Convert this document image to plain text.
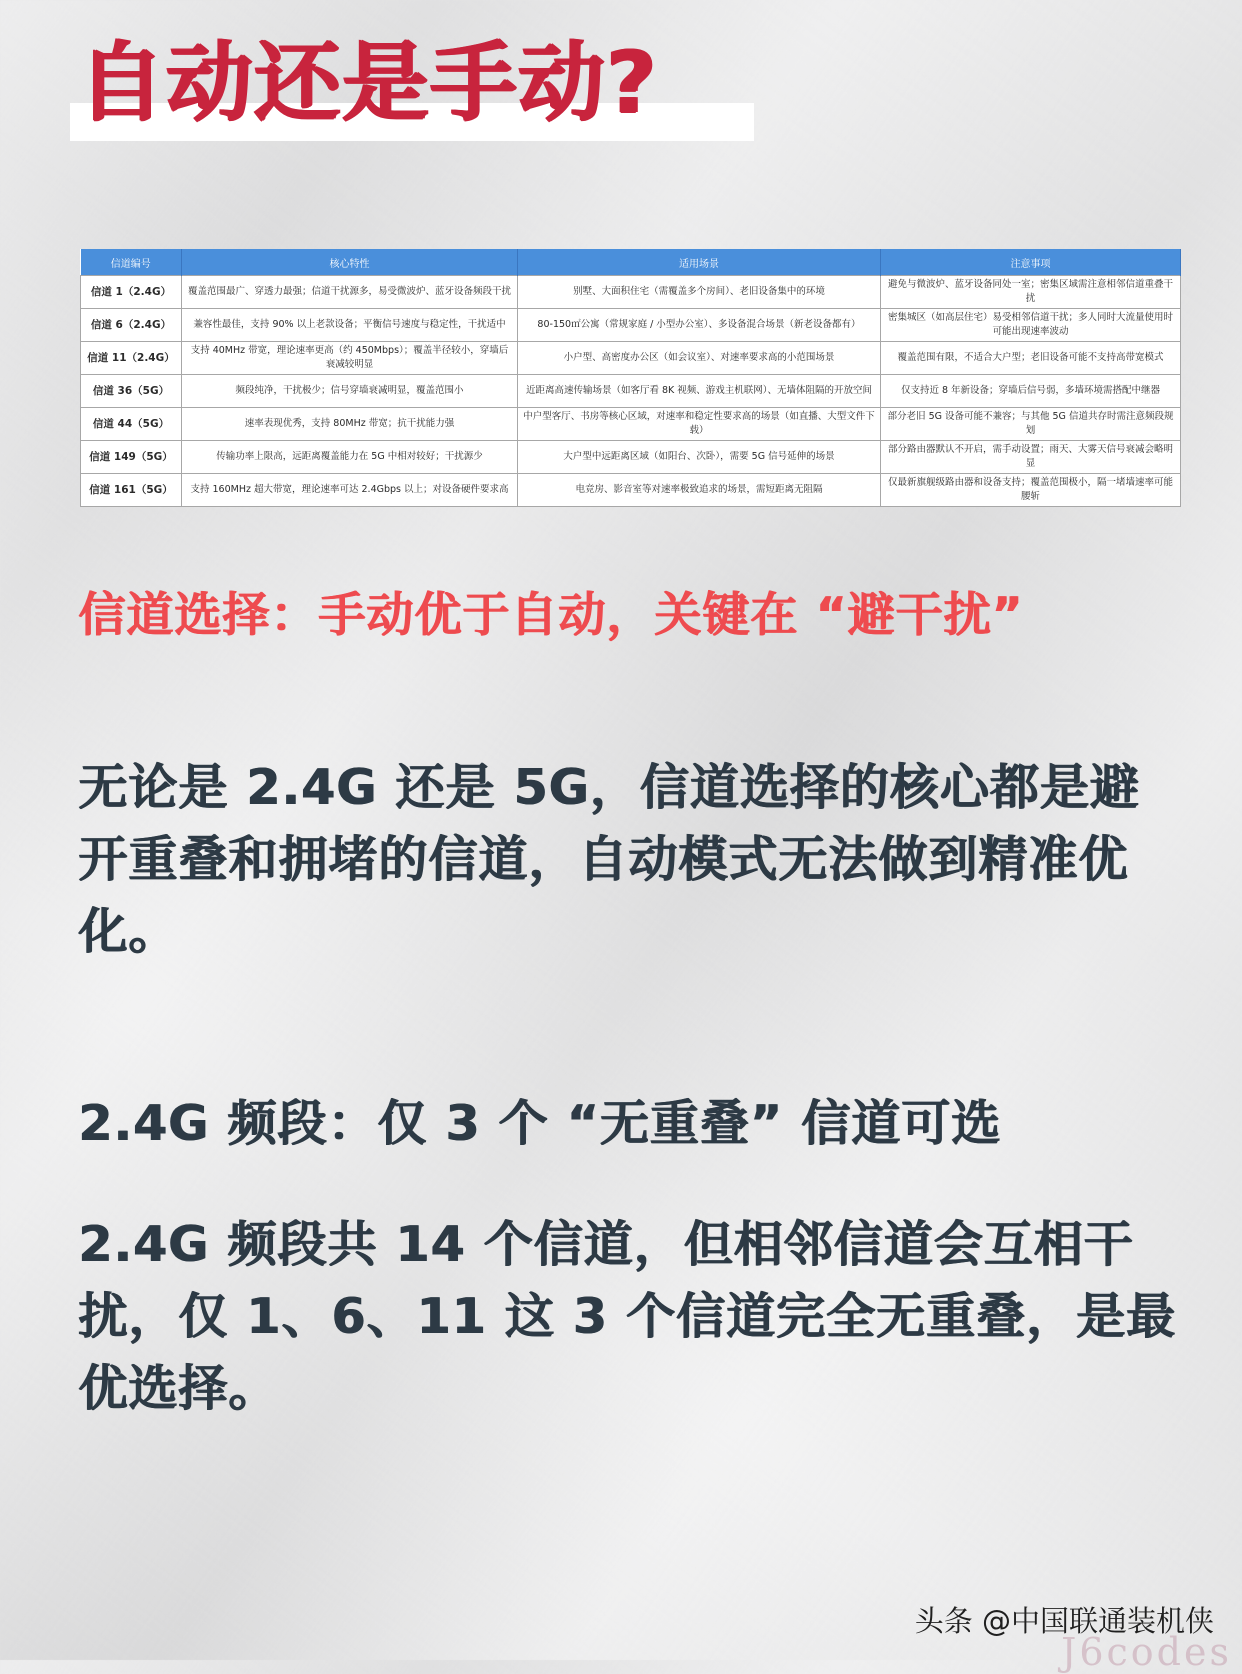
自动还是手动?
信道编号	核心特性	适用场景	注意事项
信道 1（2.4G）	覆盖范围最广、穿透力最强；信道干扰源多，易受微波炉、蓝牙设备频段干扰	别墅、大面积住宅（需覆盖多个房间）、老旧设备集中的环境	避免与微波炉、蓝牙设备同处一室；密集区域需注意相邻信道重叠干扰
信道 6（2.4G）	兼容性最佳，支持 90% 以上老款设备；平衡信号速度与稳定性，干扰适中	80-150㎡公寓（常规家庭 / 小型办公室）、多设备混合场景（新老设备都有）	密集城区（如高层住宅）易受相邻信道干扰；多人同时大流量使用时可能出现速率波动
信道 11（2.4G）	支持 40MHz 带宽，理论速率更高（约 450Mbps）；覆盖半径较小，穿墙后衰减较明显	小户型、高密度办公区（如会议室）、对速率要求高的小范围场景	覆盖范围有限，不适合大户型；老旧设备可能不支持高带宽模式
信道 36（5G）	频段纯净，干扰极少；信号穿墙衰减明显，覆盖范围小	近距离高速传输场景（如客厅看 8K 视频、游戏主机联网）、无墙体阻隔的开放空间	仅支持近 8 年新设备；穿墙后信号弱，多墙环境需搭配中继器
信道 44（5G）	速率表现优秀，支持 80MHz 带宽；抗干扰能力强	中户型客厅、书房等核心区域，对速率和稳定性要求高的场景（如直播、大型文件下载）	部分老旧 5G 设备可能不兼容；与其他 5G 信道共存时需注意频段规划
信道 149（5G）	传输功率上限高，远距离覆盖能力在 5G 中相对较好；干扰源少	大户型中远距离区域（如阳台、次卧），需要 5G 信号延伸的场景	部分路由器默认不开启，需手动设置；雨天、大雾天信号衰减会略明显
信道 161（5G）	支持 160MHz 超大带宽，理论速率可达 2.4Gbps 以上；对设备硬件要求高	电竞房、影音室等对速率极致追求的场景，需短距离无阻隔	仅最新旗舰级路由器和设备支持；覆盖范围极小，隔一堵墙速率可能腰斩
信道选择：手动优于自动，关键在 “避干扰”

无论是 2.4G 还是 5G，信道选择的核心都是避开重叠和拥堵的信道，自动模式无法做到精准优化。

2.4G 频段：仅 3 个 “无重叠” 信道可选

2.4G 频段共 14 个信道，但相邻信道会互相干扰，仅 1、6、11 这 3 个信道完全无重叠，是最优选择。

头条 @中国联通装机侠

J6codes
